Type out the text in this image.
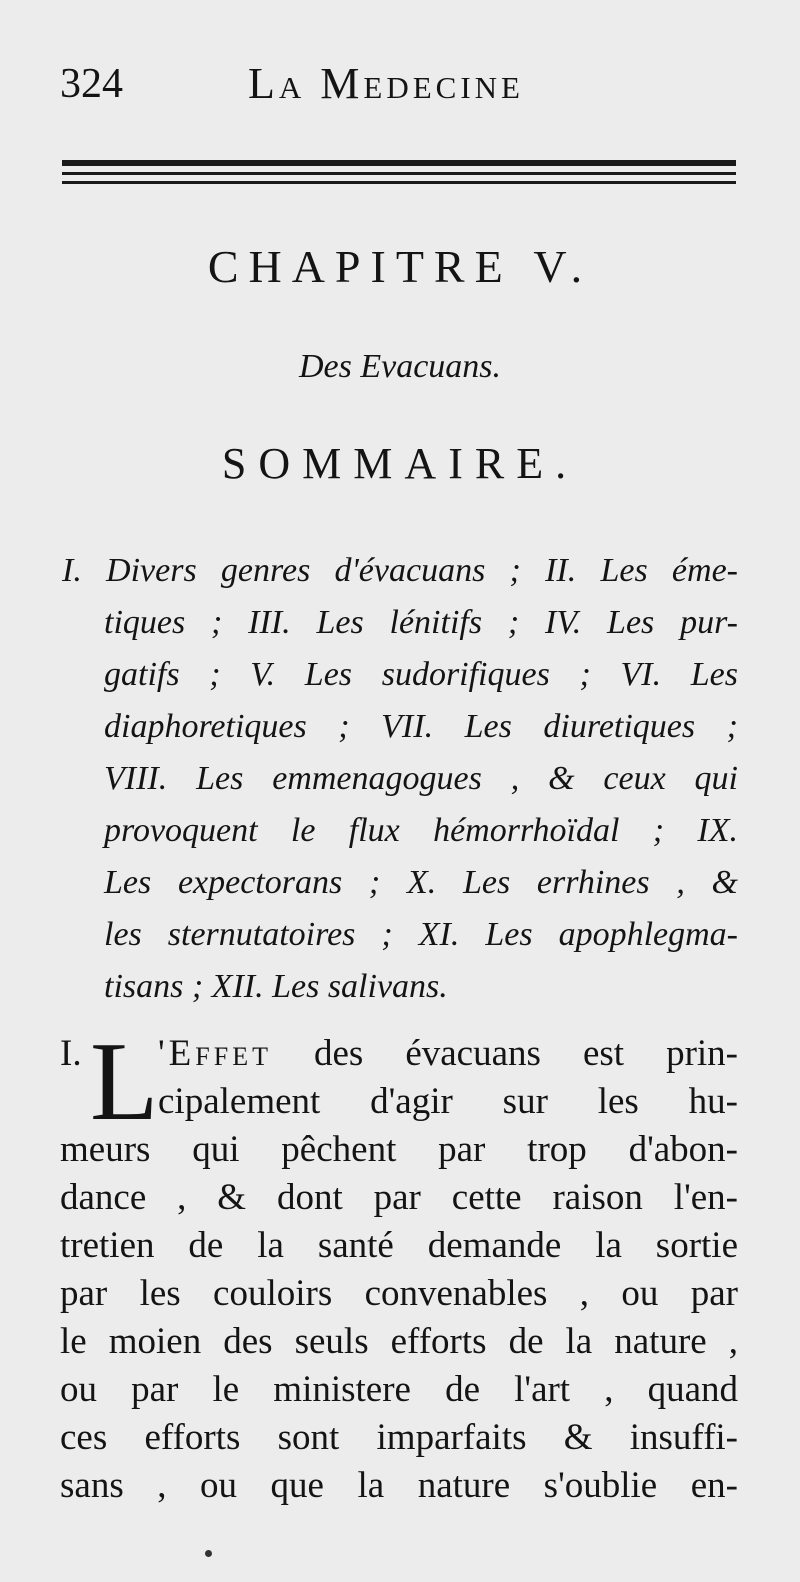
324	La Medecine
CHAPITRE V.
Des Evacuans.
SOMMAIRE.
I. Divers genres d'évacuans ; II. Les éme-
tiques ; III. Les lénitifs ; IV. Les pur-
gatifs ; V. Les sudorifiques ; VI. Les
diaphoretiques ; VII. Les diuretiques ;
VIII. Les emmenagogues , & ceux qui
provoquent le flux hémorrhoïdal ; IX.
Les expectorans ; X. Les errhines , &
les sternutatoires ; XI. Les apophlegma-
tisans ; XII. Les salivans.
I. L 'Effet des évacuans est prin-
cipalement d'agir sur les hu-
meurs qui pêchent par trop d'abon-
dance , & dont par cette raison l'en-
tretien de la santé demande la sortie
par les couloirs convenables , ou par
le moien des seuls efforts de la nature ,
ou par le ministere de l'art , quand
ces efforts sont imparfaits & insuffi-
sans , ou que la nature s'oublie en-
